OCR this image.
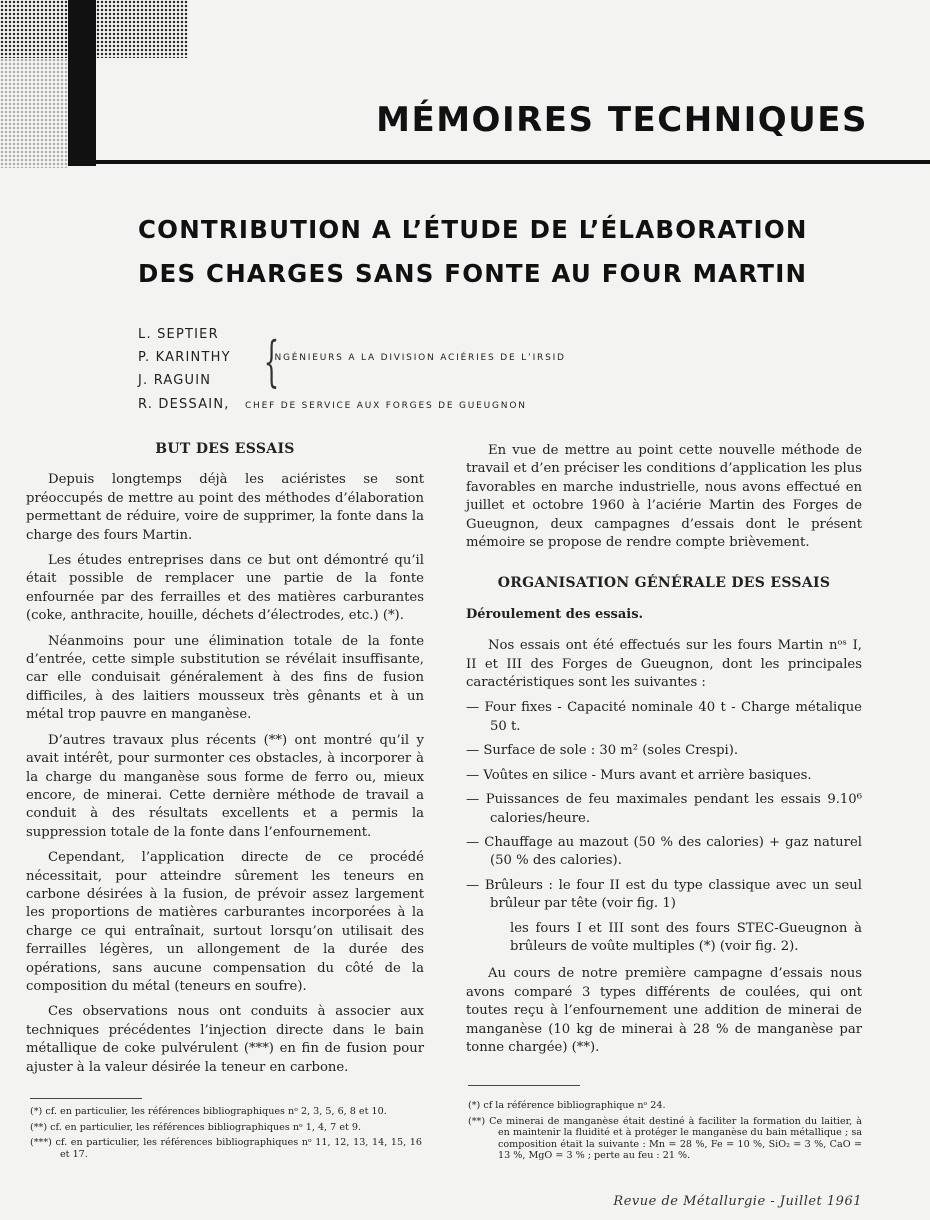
MÉMOIRES TECHNIQUES
CONTRIBUTION A L’ÉTUDE DE L’ÉLABORATION
DES CHARGES SANS FONTE AU FOUR MARTIN
L. SEPTIER
P. KARINTHY
J. RAGUIN {
INGÉNIEURS A LA DIVISION ACIÉRIES DE L’IRSID
R. DESSAIN, CHEF DE SERVICE AUX FORGES DE GUEUGNON
BUT DES ESSAIS

Depuis longtemps déjà les aciéristes se sont préoccupés de mettre au point des méthodes d’élaboration permettant de réduire, voire de supprimer, la fonte dans la charge des fours Martin.

Les études entreprises dans ce but ont démontré qu’il était possible de remplacer une partie de la fonte enfournée par des ferrailles et des matières carburantes (coke, anthracite, houille, déchets d’électrodes, etc.) (*).

Néanmoins pour une élimination totale de la fonte d’entrée, cette simple substitution se révélait insuffisante, car elle conduisait généralement à des fins de fusion difficiles, à des laitiers mousseux très gênants et à un métal trop pauvre en manganèse.

D’autres travaux plus récents (**) ont montré qu’il y avait intérêt, pour surmonter ces obstacles, à incorporer à la charge du manganèse sous forme de ferro ou, mieux encore, de minerai. Cette dernière méthode de travail a conduit à des résultats excellents et a permis la suppression totale de la fonte dans l’enfournement.

Cependant, l’application directe de ce procédé nécessitait, pour atteindre sûrement les teneurs en carbone désirées à la fusion, de prévoir assez largement les proportions de matières carburantes incorporées à la charge ce qui entraînait, surtout lorsqu’on utilisait des ferrailles légères, un allongement de la durée des opérations, sans aucune compensation du côté de la composition du métal (teneurs en soufre).

Ces observations nous ont conduits à associer aux techniques précédentes l’injection directe dans le bain métallique de coke pulvérulent (***) en fin de fusion pour ajuster à la valeur désirée la teneur en carbone.

(*) cf. en particulier, les références bibliographiques nᵒ 2, 3, 5, 6, 8 et 10.
(**) cf. en particulier, les références bibliographiques nᵒ 1, 4, 7 et 9.
(***) cf. en particulier, les références bibliographiques nᵒ 11, 12, 13, 14, 15, 16 et 17.

En vue de mettre au point cette nouvelle méthode de travail et d’en préciser les conditions d’application les plus favorables en marche industrielle, nous avons effectué en juillet et octobre 1960 à l’aciérie Martin des Forges de Gueugnon, deux campagnes d’essais dont le présent mémoire se propose de rendre compte brièvement.

ORGANISATION GÉNÉRALE DES ESSAIS
Déroulement des essais.

Nos essais ont été effectués sur les fours Martin nᵒˢ I, II et III des Forges de Gueugnon, dont les principales caractéristiques sont les suivantes :

— Four fixes - Capacité nominale 40 t - Charge métalique 50 t.
— Surface de sole : 30 m² (soles Crespi).
— Voûtes en silice - Murs avant et arrière basiques.
— Puissances de feu maximales pendant les essais 9.10⁶ calories/heure.
— Chauffage au mazout (50 % des calories) + gaz naturel (50 % des calories).
— Brûleurs : le four II est du type classique avec un seul brûleur par tête (voir fig. 1)
les fours I et III sont des fours STEC-Gueugnon à brûleurs de voûte multiples (*) (voir fig. 2).

Au cours de notre première campagne d’essais nous avons comparé 3 types différents de coulées, qui ont toutes reçu à l’enfournement une addition de minerai de manganèse (10 kg de minerai à 28 % de manganèse par tonne chargée) (**).

(*) cf la référence bibliographique nᵒ 24.
(**) Ce minerai de manganèse était destiné à faciliter la formation du laitier, à en maintenir la fluidité et à protéger le manganèse du bain métallique ; sa composition était la suivante : Mn = 28 %, Fe = 10 %, SiO₂ = 3 %, CaO = 13 %, MgO = 3 % ; perte au feu : 21 %.
Revue de Métallurgie - Juillet 1961
